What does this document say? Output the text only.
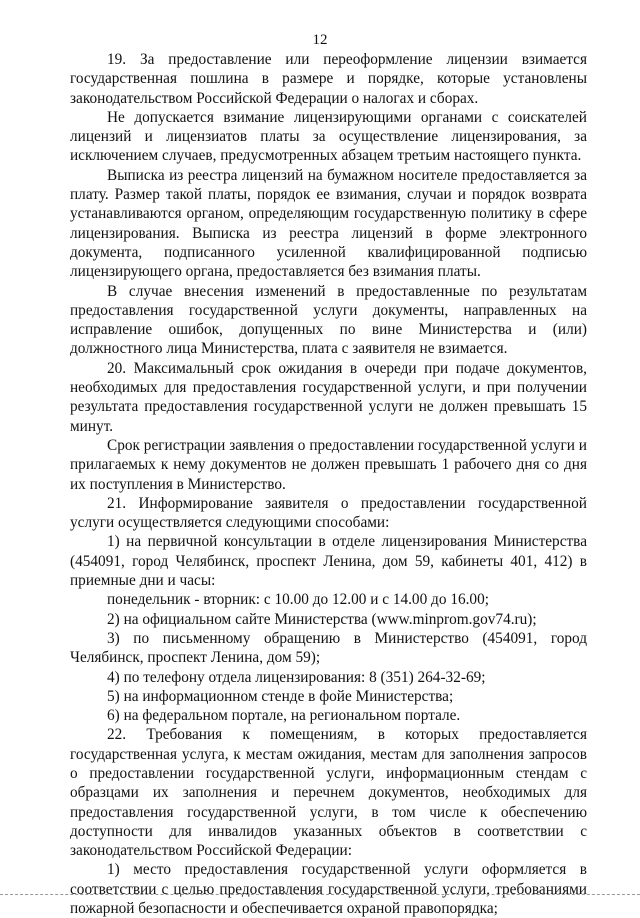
12

19. За предоставление или переоформление лицензии взимается государственная пошлина в размере и порядке, которые установлены законодательством Российской Федерации о налогах и сборах.

Не допускается взимание лицензирующими органами с соискателей лицензий и лицензиатов платы за осуществление лицензирования, за исключением случаев, предусмотренных абзацем третьим настоящего пункта.

Выписка из реестра лицензий на бумажном носителе предоставляется за плату. Размер такой платы, порядок ее взимания, случаи и порядок возврата устанавливаются органом, определяющим государственную политику в сфере лицензирования. Выписка из реестра лицензий в форме электронного документа, подписанного усиленной квалифицированной подписью лицензирующего органа, предоставляется без взимания платы.

В случае внесения изменений в предоставленные по результатам предоставления государственной услуги документы, направленных на исправление ошибок, допущенных по вине Министерства и (или) должностного лица Министерства, плата с заявителя не взимается.

20. Максимальный срок ожидания в очереди при подаче документов, необходимых для предоставления государственной услуги, и при получении результата предоставления государственной услуги не должен превышать 15 минут.

Срок регистрации заявления о предоставлении государственной услуги и прилагаемых к нему документов не должен превышать 1 рабочего дня со дня их поступления в Министерство.

21. Информирование заявителя о предоставлении государственной услуги осуществляется следующими способами:

1) на первичной консультации в отделе лицензирования Министерства (454091, город Челябинск, проспект Ленина, дом 59, кабинеты 401, 412) в приемные дни и часы:

понедельник - вторник: с 10.00 до 12.00 и с 14.00 до 16.00;

2) на официальном сайте Министерства (www.minprom.gov74.ru);

3) по письменному обращению в Министерство (454091, город Челябинск, проспект Ленина, дом 59);

4) по телефону отдела лицензирования: 8 (351) 264-32-69;

5) на информационном стенде в фойе Министерства;

6) на федеральном портале, на региональном портале.

22. Требования к помещениям, в которых предоставляется государственная услуга, к местам ожидания, местам для заполнения запросов о предоставлении государственной услуги, информационным стендам с образцами их заполнения и перечнем документов, необходимых для предоставления государственной услуги, в том числе к обеспечению доступности для инвалидов указанных объектов в соответствии с законодательством Российской Федерации:

1) место предоставления государственной услуги оформляется в соответствии с целью предоставления государственной услуги, требованиями пожарной безопасности и обеспечивается охраной правопорядка;
